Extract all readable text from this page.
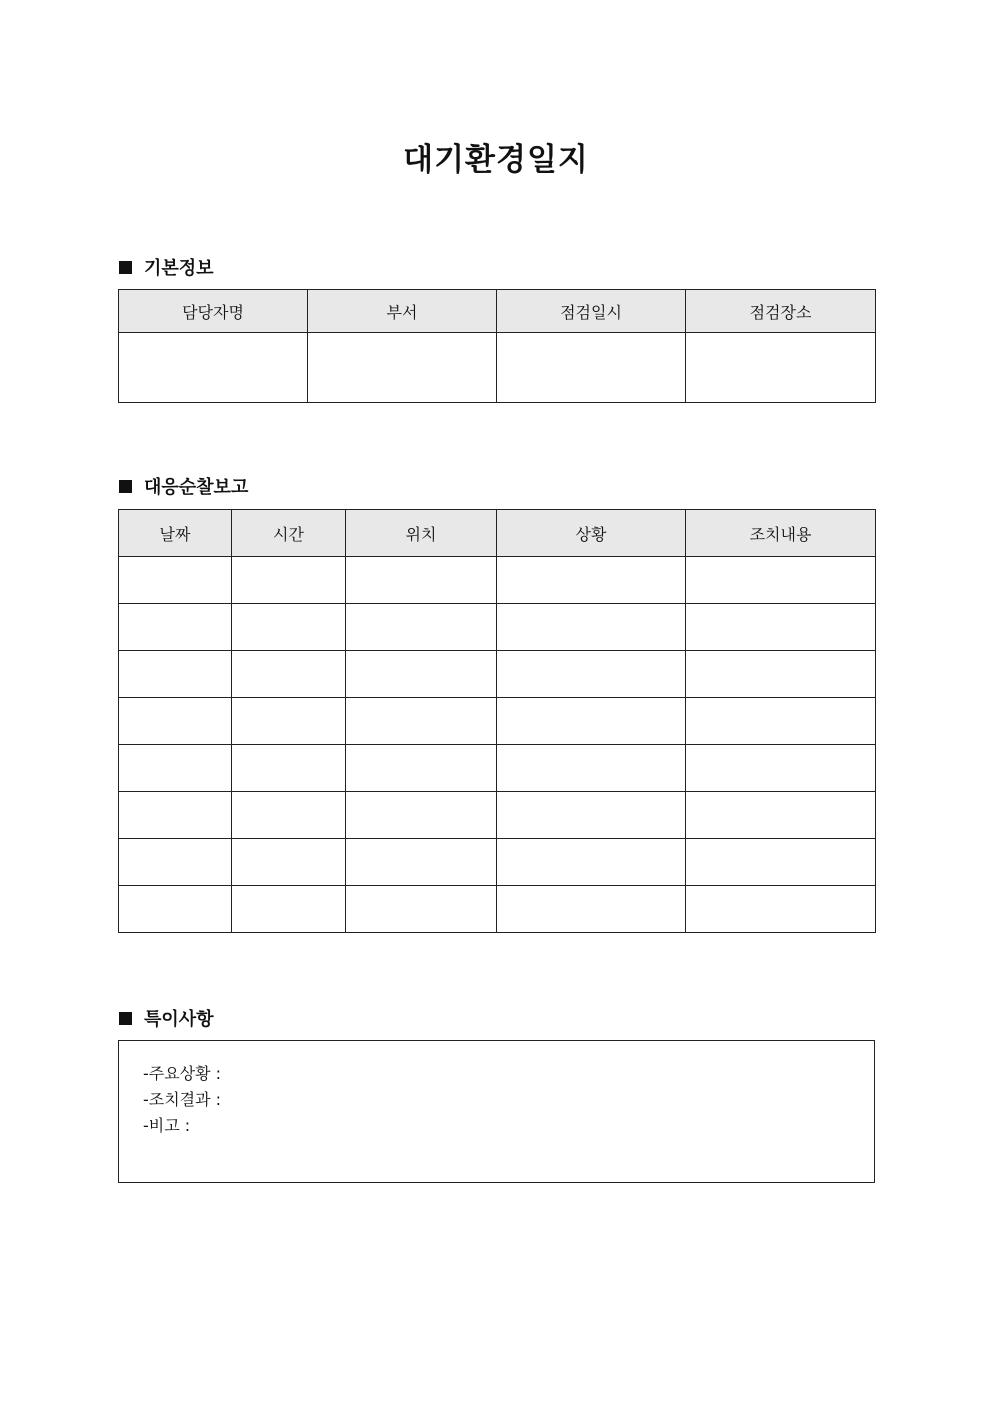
대기환경일지
기본정보
담당자명	부서	점검일시	점검장소

대응순찰보고
날짜	시간	위치	상황	조치내용

특이사항
-주요상황 :
-조치결과 :
-비고 :
